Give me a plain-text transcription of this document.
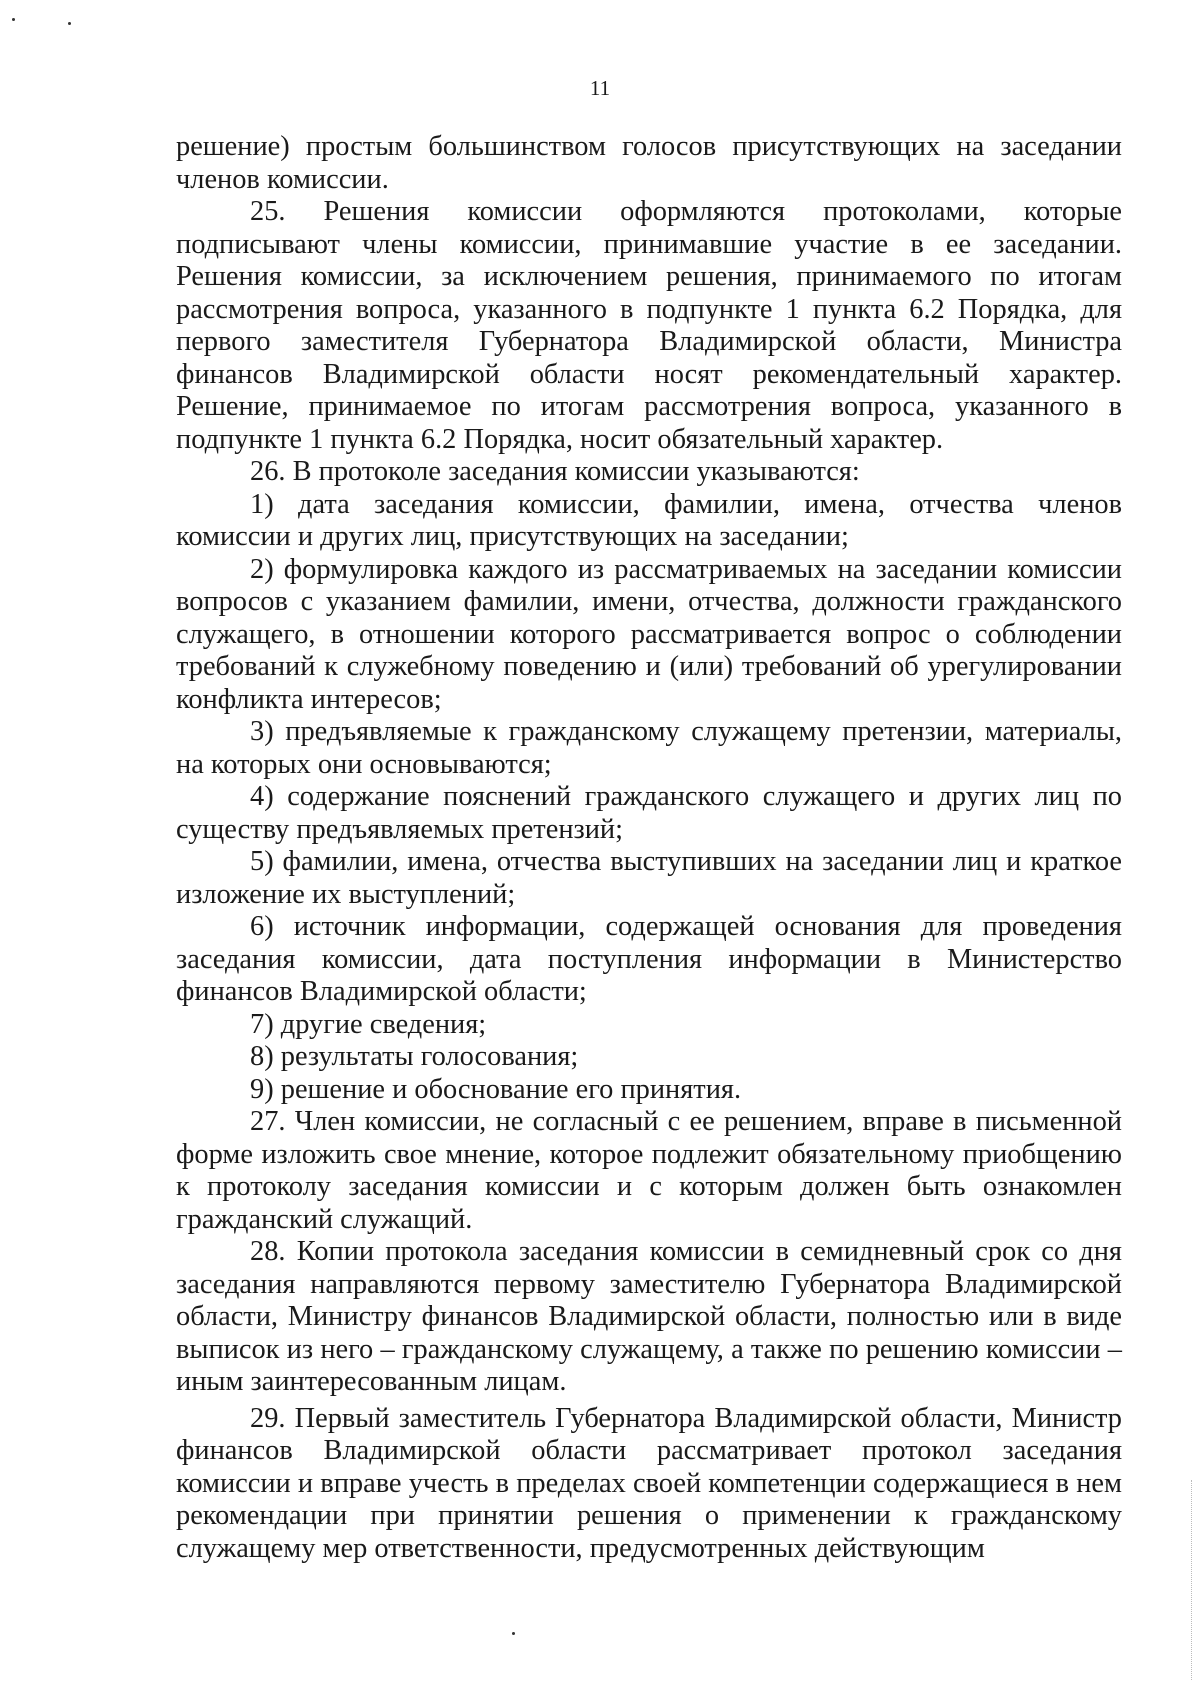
11

решение) простым большинством голосов присутствующих на заседании членов комиссии.

25. Решения комиссии оформляются протоколами, которые подписывают члены комиссии, принимавшие участие в ее заседании. Решения комиссии, за исключением решения, принимаемого по итогам рассмотрения вопроса, указанного в подпункте 1 пункта 6.2 Порядка, для первого заместителя Губернатора Владимирской области, Министра финансов Владимирской области носят рекомендательный характер. Решение, принимаемое по итогам рассмотрения вопроса, указанного в подпункте 1 пункта 6.2 Порядка, носит обязательный характер.

26. В протоколе заседания комиссии указываются:

1) дата заседания комиссии, фамилии, имена, отчества членов комиссии и других лиц, присутствующих на заседании;

2) формулировка каждого из рассматриваемых на заседании комиссии вопросов с указанием фамилии, имени, отчества, должности гражданского служащего, в отношении которого рассматривается вопрос о соблюдении требований к служебному поведению и (или) требований об урегулировании конфликта интересов;

3) предъявляемые к гражданскому служащему претензии, материалы, на которых они основываются;

4) содержание пояснений гражданского служащего и других лиц по существу предъявляемых претензий;

5) фамилии, имена, отчества выступивших на заседании лиц и краткое изложение их выступлений;

6) источник информации, содержащей основания для проведения заседания комиссии, дата поступления информации в Министерство финансов Владимирской области;

7) другие сведения;

8) результаты голосования;

9) решение и обоснование его принятия.

27. Член комиссии, не согласный с ее решением, вправе в письменной форме изложить свое мнение, которое подлежит обязательному приобщению к протоколу заседания комиссии и с которым должен быть ознакомлен гражданский служащий.

28. Копии протокола заседания комиссии в семидневный срок со дня заседания направляются первому заместителю Губернатора Владимирской области, Министру финансов Владимирской области, полностью или в виде выписок из него – гражданскому служащему, а также по решению комиссии – иным заинтересованным лицам.

29. Первый заместитель Губернатора Владимирской области, Министр финансов Владимирской области рассматривает протокол заседания комиссии и вправе учесть в пределах своей компетенции содержащиеся в нем рекомендации при принятии решения о применении к гражданскому служащему мер ответственности, предусмотренных действующим
